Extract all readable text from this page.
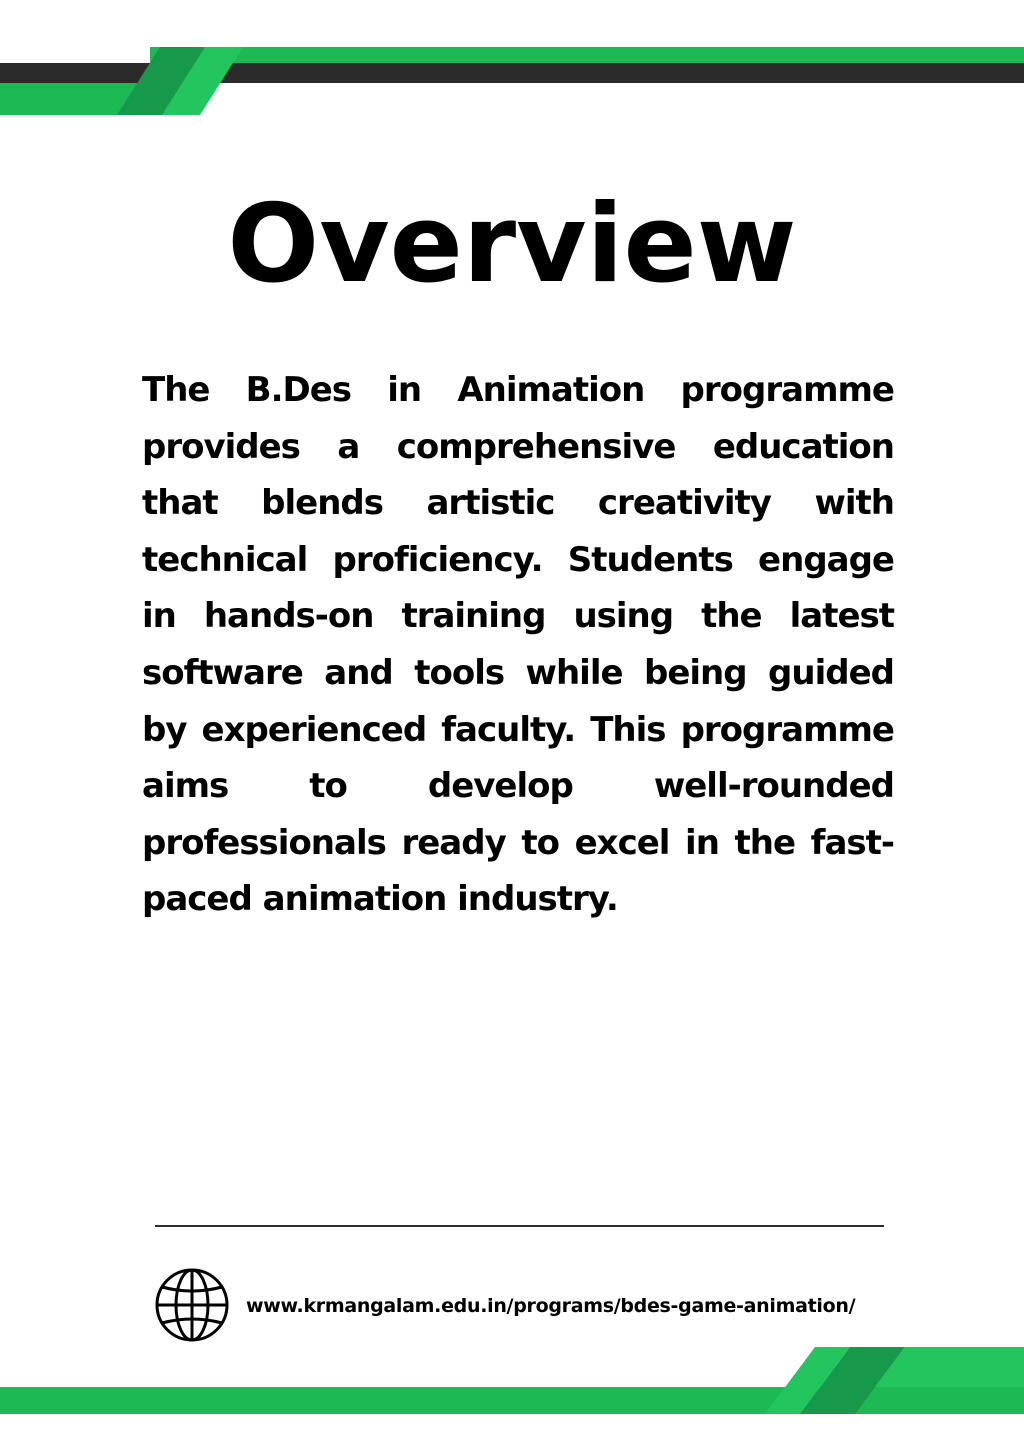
Overview

The B.Des in Animation programme provides a comprehensive education that blends artistic creativity with technical proficiency. Students engage in hands-on training using the latest software and tools while being guided by experienced faculty. This programme aims to develop well-rounded professionals ready to excel in the fast-paced animation industry.

www.krmangalam.edu.in/programs/bdes-game-animation/
